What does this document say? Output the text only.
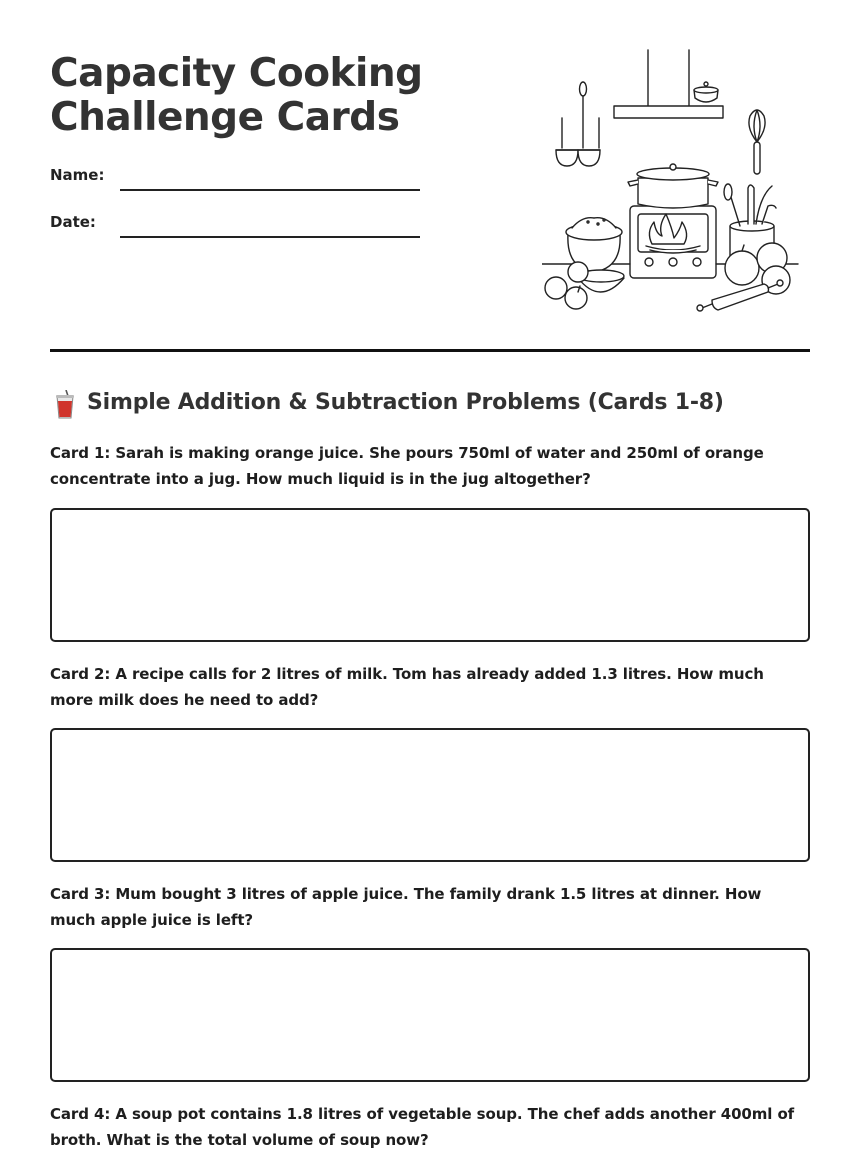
Capacity Cooking Challenge Cards
Name:
Date:
Simple Addition & Subtraction Problems (Cards 1-8)

Card 1: Sarah is making orange juice. She pours 750ml of water and 250ml of orange concentrate into a jug. How much liquid is in the jug altogether?

Card 2: A recipe calls for 2 litres of milk. Tom has already added 1.3 litres. How much more milk does he need to add?

Card 3: Mum bought 3 litres of apple juice. The family drank 1.5 litres at dinner. How much apple juice is left?

Card 4: A soup pot contains 1.8 litres of vegetable soup. The chef adds another 400ml of broth. What is the total volume of soup now?
